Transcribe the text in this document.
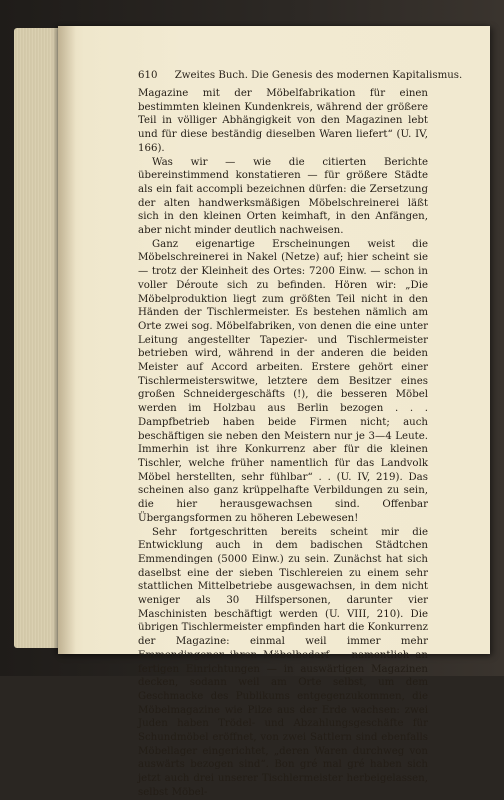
610 Zweites Buch. Die Genesis des modernen Kapitalismus.

Magazine mit der Möbelfabrikation für einen bestimmten kleinen Kundenkreis, während der größere Teil in völliger Abhängigkeit von den Magazinen lebt und für diese beständig dieselben Waren liefert“ (U. IV, 166).

Was wir — wie die citierten Berichte übereinstimmend konstatieren — für größere Städte als ein fait accompli bezeichnen dürfen: die Zersetzung der alten handwerksmäßigen Möbelschreinerei läßt sich in den kleinen Orten keimhaft, in den Anfängen, aber nicht minder deutlich nachweisen.

Ganz eigenartige Erscheinungen weist die Möbelschreinerei in Nakel (Netze) auf; hier scheint sie — trotz der Kleinheit des Ortes: 7200 Einw. — schon in voller Déroute sich zu befinden. Hören wir: „Die Möbelproduktion liegt zum größten Teil nicht in den Händen der Tischlermeister. Es bestehen nämlich am Orte zwei sog. Möbelfabriken, von denen die eine unter Leitung angestellter Tapezier- und Tischlermeister betrieben wird, während in der anderen die beiden Meister auf Accord arbeiten. Erstere gehört einer Tischlermeisterswitwe, letztere dem Besitzer eines großen Schneidergeschäfts (!), die besseren Möbel werden im Holzbau aus Berlin bezogen . . . Dampfbetrieb haben beide Firmen nicht; auch beschäftigen sie neben den Meistern nur je 3—4 Leute. Immerhin ist ihre Konkurrenz aber für die kleinen Tischler, welche früher namentlich für das Landvolk Möbel herstellten, sehr fühlbar“ . . (U. IV, 219). Das scheinen also ganz krüppelhafte Verbildungen zu sein, die hier herausgewachsen sind. Offenbar Übergangsformen zu höheren Lebewesen!

Sehr fortgeschritten bereits scheint mir die Entwicklung auch in dem badischen Städtchen Emmendingen (5000 Einw.) zu sein. Zunächst hat sich daselbst eine der sieben Tischlereien zu einem sehr stattlichen Mittelbetriebe ausgewachsen, in dem nicht weniger als 30 Hilfspersonen, darunter vier Maschinisten beschäftigt werden (U. VIII, 210). Die übrigen Tischlermeister empfinden hart die Konkurrenz der Magazine: einmal weil immer mehr Emmendingener ihren Möbelbedarf — namentlich an fertigen Einrichtungen — in auswärtigen Magazinen decken, sodann weil am Orte selbst, um dem Geschmacke des Publikums entgegenzukommen, die Möbelmagazine wie Pilze aus der Erde wachsen: zwei Juden haben Trödel- und Abzahlungsgeschäfte für Schundmöbel eröffnet, von zwei Sattlern sind ebenfalls Möbellager eingerichtet, „deren Waren durchweg von auswärts bezogen sind“. Bon gré mal gré haben sich jetzt auch drei unserer Tischlermeister herbeigelassen, selbst Möbel-
